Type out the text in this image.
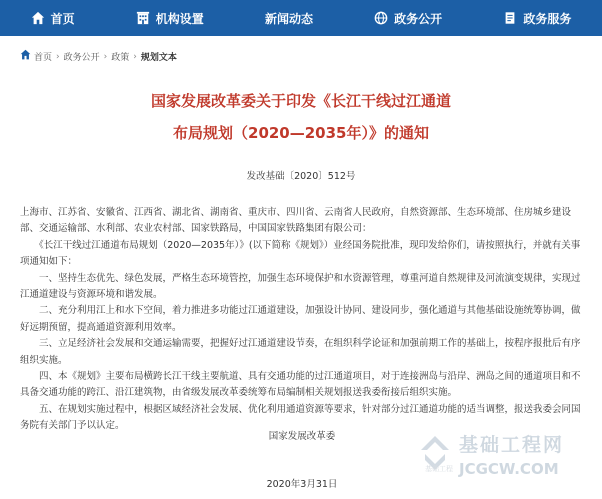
首页	机构设置	新闻动态	政务公开	政务服务
首页 › 政务公开 › 政策 › 规划文本
国家发展改革委关于印发《长江干线过江通道
布局规划（2020—2035年）》的通知
发改基础〔2020〕512号

上海市、江苏省、安徽省、江西省、湖北省、湖南省、重庆市、四川省、云南省人民政府，自然资源部、生态环境部、住房城乡建设部、交通运输部、水利部、农业农村部、国家铁路局，中国国家铁路集团有限公司：

　　《长江干线过江通道布局规划（2020—2035年）》(以下简称《规划》）业经国务院批准，现印发给你们，请按照执行，并就有关事项通知如下：

　　一、坚持生态优先、绿色发展，严格生态环境管控，加强生态环境保护和水资源管理，尊重河道自然规律及河流演变规律，实现过江通道建设与资源环境和谐发展。

　　二、充分利用江上和水下空间，着力推进多功能过江通道建设，加强设计协同、建设同步，强化通道与其他基础设施统筹协调，做好远期预留，提高通道资源利用效率。

　　三、立足经济社会发展和交通运输需要，把握好过江通道建设节奏，在组织科学论证和加强前期工作的基础上，按程序报批后有序组织实施。

　　四、本《规划》主要布局横跨长江干线主要航道、具有交通功能的过江通道项目，对于连接洲岛与沿岸、洲岛之间的通道项目和不具备交通功能的跨江、沿江建筑物，由省级发展改革委统筹布局编制相关规划报送我委衔接后组织实施。

　　五、在规划实施过程中，根据区域经济社会发展、优化利用通道资源等要求，针对部分过江通道功能的适当调整，报送我委会同国务院有关部门予以认定。

国家发展改革委
2020年3月31日
基础工程网
JCGCW.COM
基础工程
